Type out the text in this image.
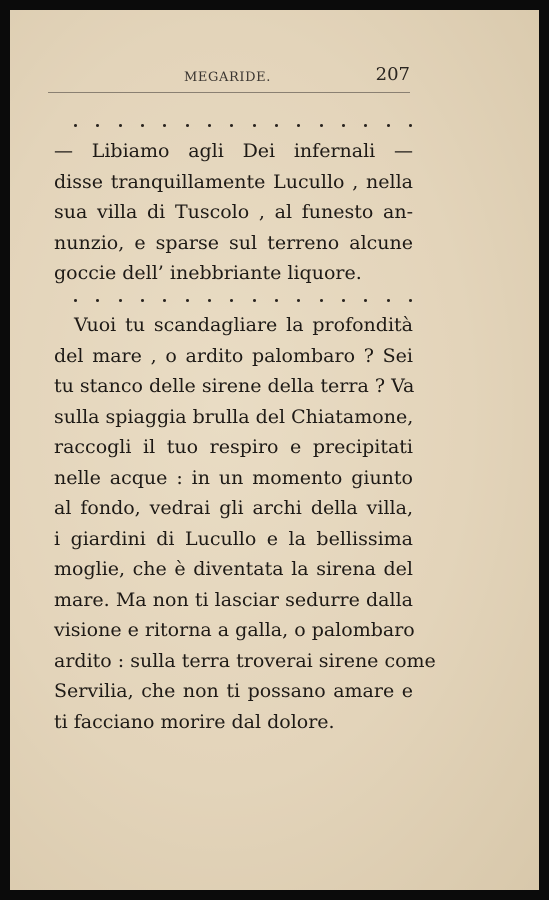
MEGARIDE.	207

— Libiamo agli Dei infernali —
disse tranquillamente Lucullo , nella
sua villa di Tuscolo , al funesto an-
nunzio, e sparse sul terreno alcune
goccie dell’ inebbriante liquore.

Vuoi tu scandagliare la profondità
del mare , o ardito palombaro ? Sei
tu stanco delle sirene della terra ? Va
sulla spiaggia brulla del Chiatamone,
raccogli il tuo respiro e precipitati
nelle acque : in un momento giunto
al fondo, vedrai gli archi della villa,
i giardini di Lucullo e la bellissima
moglie, che è diventata la sirena del
mare. Ma non ti lasciar sedurre dalla
visione e ritorna a galla, o palombaro
ardito : sulla terra troverai sirene come
Servilia, che non ti possano amare e
ti facciano morire dal dolore.
